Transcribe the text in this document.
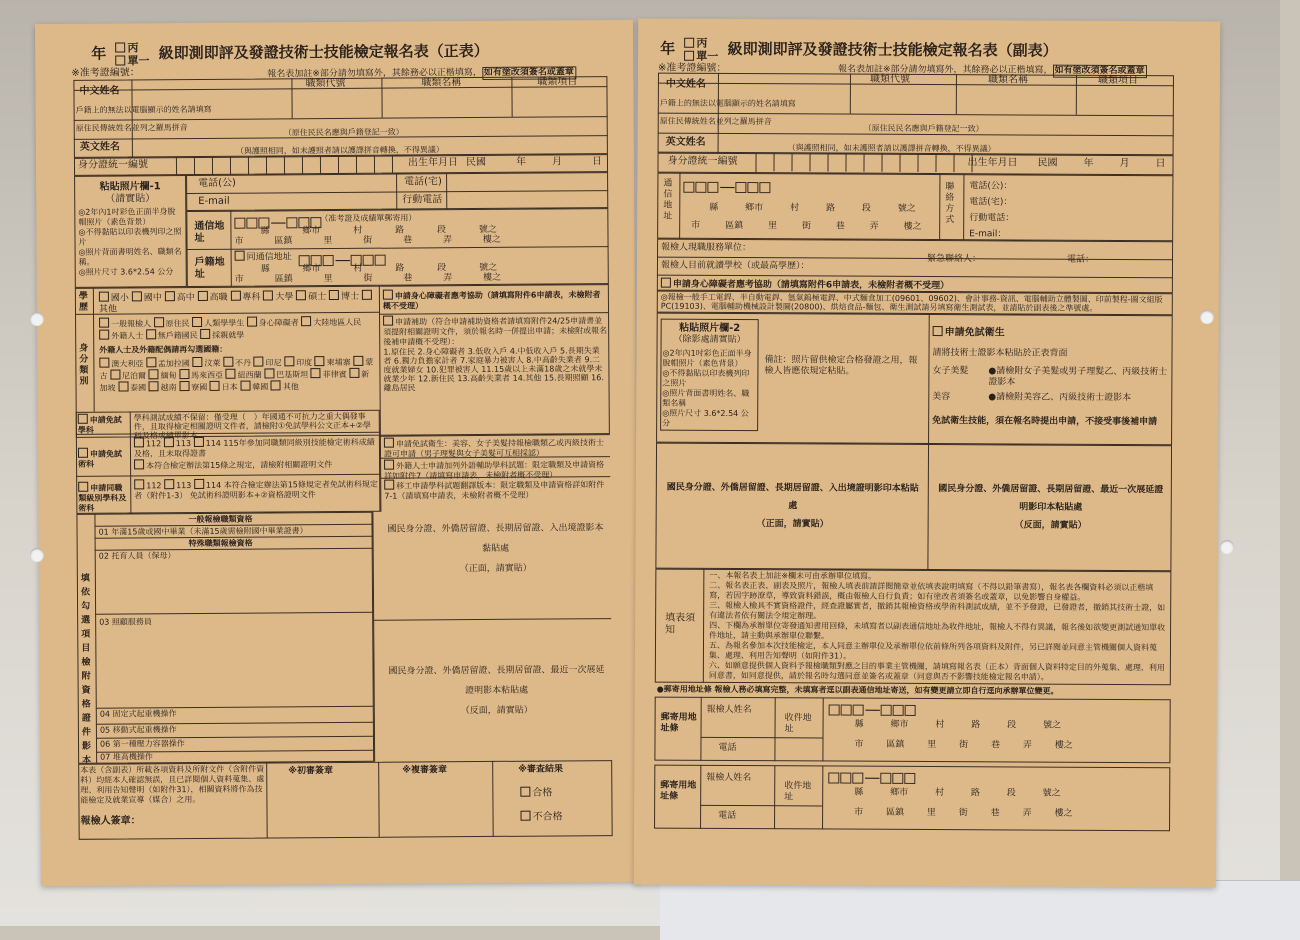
年 丙
單一 級即測即評及發證技術士技能檢定報名表（正表）
※准考證編號：	報名表加註※部分請勿填寫外，其餘務必以正楷填寫， 如有塗改須簽名或蓋章
中文姓名
戶籍上的無法以電腦顯示的姓名請填寫
職類代號	職類名稱	職類項目
原住民傳統姓名並列之羅馬拼音	（原住民民名應與戶籍登記一致）
英文姓名	（與護照相同，如未護照者請以護譯拼音轉換，不得異議）
身分證統一編號	出生年月日 民國	年	月	日
粘貼照片欄-1
（請實貼）
◎2年內1吋彩色正面半身脫帽照片（素色背景）
◎不得黏貼以印表機列印之照片
◎照片背面書明姓名、職類名稱。
◎照片尺寸 3.6*2.54 公分
電話(公)	電話(宅)
E-mail	行動電話
通信地址
—	（准考證及成績單郵寄用）
縣	鄉市	村	路	段	號之
市	區鎮	里	街	巷	弄	樓之
戶籍地址
同通信地址	—
縣	鄉市	村	路	段	號之
市	區鎮	里	街	巷	弄	樓之
學歷
國小 國中 高中 高職 專科 大學 碩士 博士 其他
身分類別
一般報檢人 原住民 人類學學生 身心障礙者 大陸地區人民 外籍人士 無戶籍國民 採親就學
外籍人士及外籍配偶請再勾選國籍：
澳大利亞 孟加拉國 汶萊 不丹 印尼 印度 柬埔寨 蒙古 尼泊爾 緬甸 馬來西亞 紐西蘭 巴基斯坦 菲律賓 新加坡 泰國 越南 寮國 日本 韓國 其他
申請身心障礙者應考協助（請填寫附件6申請表，未檢附者概不受理）
申請補助（符合申請補助資格者請填寫附件24/25申請書並須提附相關證明文件，須於報名時一併提出申請；未檢附或報名後補申請概不受理）：
1.原住民 2.身心障礙者 3.低收入戶 4.中低收入戶 5.長期失業者 6.獨力負擔家計者 7.家庭暴力被害人 8.中高齡失業者 9.二度就業婦女 10.犯罪被害人 11.15歲以上未滿18歲之未就學未就業少年 12.新住民 13.高齡失業者 14.其他 15.長期照顧 16.離島居民
申請免試學科
學科測試成績不保留：僅受理（　）年國通不可抗力之重大偶發事件，且取得檢定相關證明文件者，請檢附①免試學科公文正本+②學科及格成績單影本
申請免試術科
112 113 114 115年參加同職類同級別技能檢定術科成績及格，且未取得證書
本符合檢定辦法第15條之規定，請檢附相關證明文件
申請同職類級別學科及術科
112 113 114 本符合檢定辦法第15條規定者免試術科規定者（附件1-3） 免試術科證明影本+②資格證明文件
申請免試衛生：美容、女子美髮持報檢職類乙或丙級技術士證可申請（男子理髮與女子美髮可互相採認）
外籍人士申請加列外語輔助學科試題：限定職類及申請資格詳如附件7（請填寫申請表，未檢附者概不受理）
移工申請學科試題翻譯版本：限定職類及申請資格詳如附件7-1（請填寫申請表，未檢附者概不受理）
填依勾選項目檢附資格證件影本
一般報檢職類資格
01 年滿15歲或國中畢業（未滿15歲需檢附國中畢業證書）
特殊職類報檢資格
02 托育人員（保母）
03 照顧服務員
04 固定式起重機操作
05 移動式起重機操作
06 第一種壓力容器操作
07 堆高機操作
國民身分證、外僑居留證、長期居留證、入出境證影本黏貼處
（正面，請實貼）
國民身分證、外僑居留證、長期居留證、最近一次展延證明影本粘貼處
（反面，請實貼）
本表（含副表）所載各項資料及所附文件（含附件資料）均經本人確認無誤，且已詳閱個人資料蒐集、處理、利用告知聲明（如附件31），相關資料將作為技能檢定及就業宣導（媒合）之用。
報檢人簽章：
※初審簽章	※複審簽章	※審查結果
合格
不合格
年 丙
單一 級即測即評及發證技術士技能檢定報名表（副表）
※准考證編號：	報名表加註※部分請勿填寫外，其餘務必以正楷填寫， 如有塗改須簽名或蓋章
中文姓名
戶籍上的無法以電腦顯示的姓名請填寫
職類代號	職類名稱	職類項目
原住民傳統姓名並列之羅馬拼音
（原住民民名應與戶籍登記一致）
英文姓名
（與護照相同，如未護照者請以護譯拼音轉換，不得異議）
身分證統一編號	出生年月日 民國	年	月	日
通信地址
—
縣	鄉市	村	路	段	號之
市	區鎮	里	街	巷	弄	樓之
聯絡方式
電話(公)：
電話(宅)：
行動電話：
E-mail：
報檢人現職服務單位：
報檢人目前就讀學校（或最高學歷）：
緊急聯絡人：	電話：
申請身心障礙者應考協助（請填寫附件6申請表，未檢附者概不受理）
◎報檢一般手工電銲、半自動電銲、氬氣鎢極電銲、中式麵食加工(09601、09602)、會計事務-資訊、電腦輔助立體製圖、印前製程-圖文組版PC(19103)、電腦輔助機械設計製圖(20800)、烘焙食品-麵包、衛生測試請另填寫衛生測試表，並請貼於副表後之準號處。
粘貼照片欄-2
（除影處請實貼）
◎2年內1吋彩色正面半身脫帽照片（素色背景）
◎不得黏貼以印表機列印之照片
◎照片背面書明姓名、職類名稱
◎照片尺寸 3.6*2.54 公分
備註：照片留供檢定合格發證之用，報檢人皆應依規定粘貼。
申請免試衛生
請將技術士證影本粘貼於正表背面
女子美髮 ●請檢附女子美髮或男子理髮乙、丙級技術士證影本
美容	●請檢附美容乙、丙級技術士證影本
免試衛生技能，須在報名時提出申請，不接受事後補申請
國民身分證、外僑居留證、長期居留證、入出境證明影印本粘貼處
（正面，請實貼）
國民身分證、外僑居留證、長期居留證、最近一次展延證明影印本粘貼處
（反面，請實貼）
填表須知
一、本報名表上加註※欄未可由承辦單位填寫。
二、報名表正表、副表及照片，報檢人填表前請詳閱簡章並依填表說明填寫（不得以鉛筆書寫），報名表各欄資料必須以正楷填寫，若因字跡潦草，導致資料錯誤，概由報檢人自行負責；如有塗改者須簽名或蓋章，以免影響自身權益。
三、報檢人檢具不實資格證件，經查證屬實者，撤銷其報檢資格或學術科測試成績，並不予發證，已發證者，撤銷其技術士證，如有違法者依有關法令規定辦理。
四、下欄為承辦單位寄發通知書用回條，未填寫者以副表通信地址為收件地址，報檢人不得有異議，報名後如欲變更測試通知單收件地址，請主動與承辦單位聯繫。
五、為報名參加本次技能檢定，本人同意主辦單位及承辦單位依前條所列各項資料及附件，另已詳閱並同意主管機關個人資料蒐集、處理、利用告知聲明（如附件31）。
六、如願意提供個人資料予報檢職類對應之目的事業主管機關，請填寫報名表（正本）背面個人資料特定目的外蒐集、處理、利用同意書，如同意提供，請於報名時勾選同意並簽名或蓋章（同意與否不影響技能檢定報名申請）。
●郵寄用地址條 報檢人務必填寫完整，未填寫者逕以副表通信地址寄送，如有變更請立即自行逕向承辦單位變更。
郵寄用地址條
報檢人姓名
電話
收件地址
—
縣	鄉市	村	路	段	號之
市	區鎮	里	街	巷	弄	樓之
郵寄用地址條
報檢人姓名
電話
收件地址
—
縣	鄉市	村	路	段	號之
市	區鎮	里	街	巷	弄	樓之
